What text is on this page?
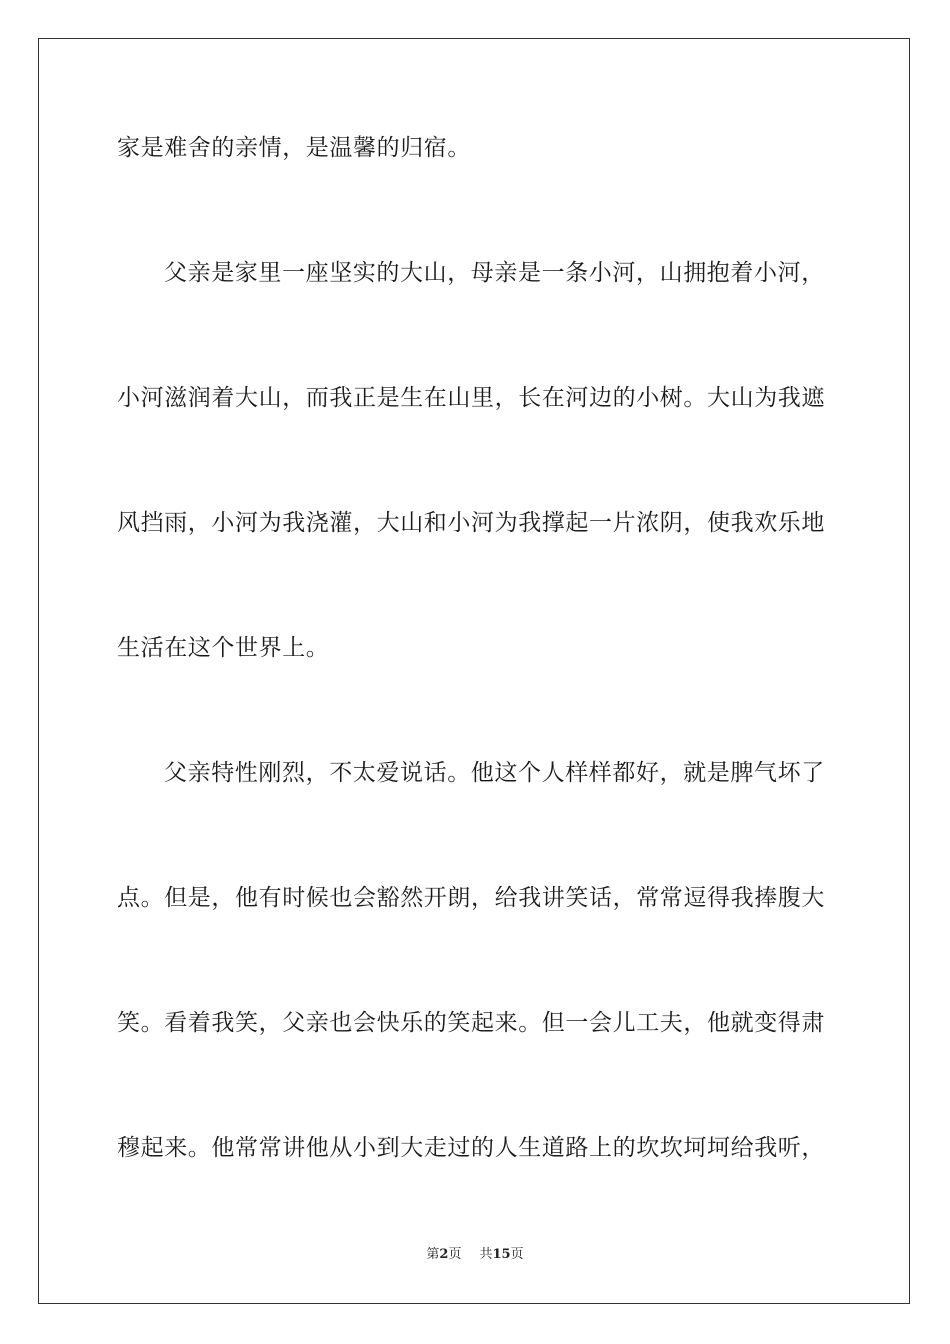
家是难舍的亲情，是温馨的归宿。
父亲是家里一座坚实的大山，母亲是一条小河，山拥抱着小河，
小河滋润着大山，而我正是生在山里，长在河边的小树。大山为我遮
风挡雨，小河为我浇灌，大山和小河为我撑起一片浓阴，使我欢乐地
生活在这个世界上。
父亲特性刚烈，不太爱说话。他这个人样样都好，就是脾气坏了
点。但是，他有时候也会豁然开朗，给我讲笑话，常常逗得我捧腹大
笑。看着我笑，父亲也会快乐的笑起来。但一会儿工夫，他就变得肃
穆起来。他常常讲他从小到大走过的人生道路上的坎坎坷坷给我听，
第2页 共15页
